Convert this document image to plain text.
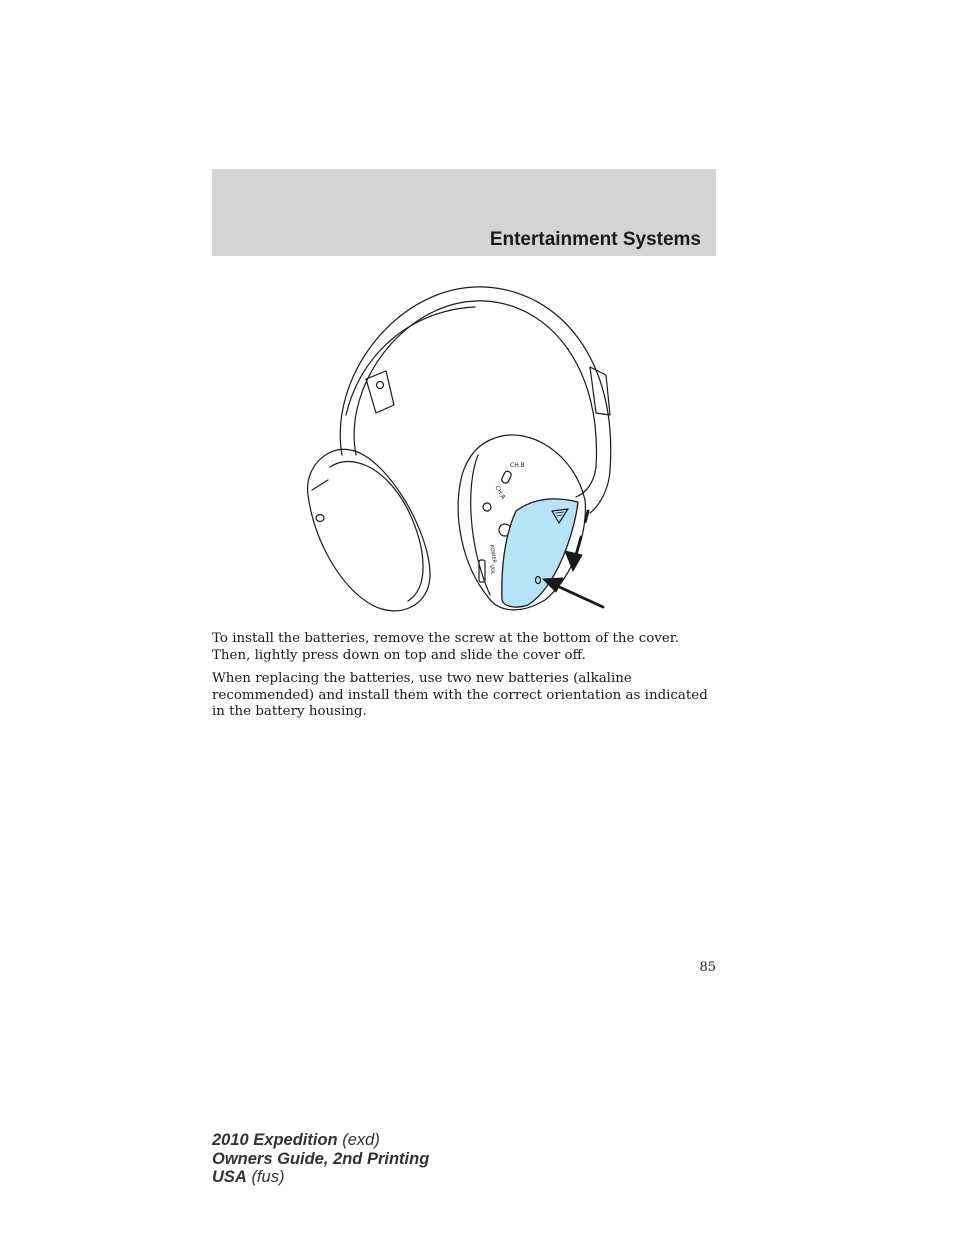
Entertainment Systems
CH.B
CH.A
POWER
VOL

To install the batteries, remove the screw at the bottom of the cover. Then, lightly press down on top and slide the cover off.

When replacing the batteries, use two new batteries (alkaline recommended) and install them with the correct orientation as indicated in the battery housing.

85
2010 Expedition (exd)
Owners Guide, 2nd Printing
USA (fus)
